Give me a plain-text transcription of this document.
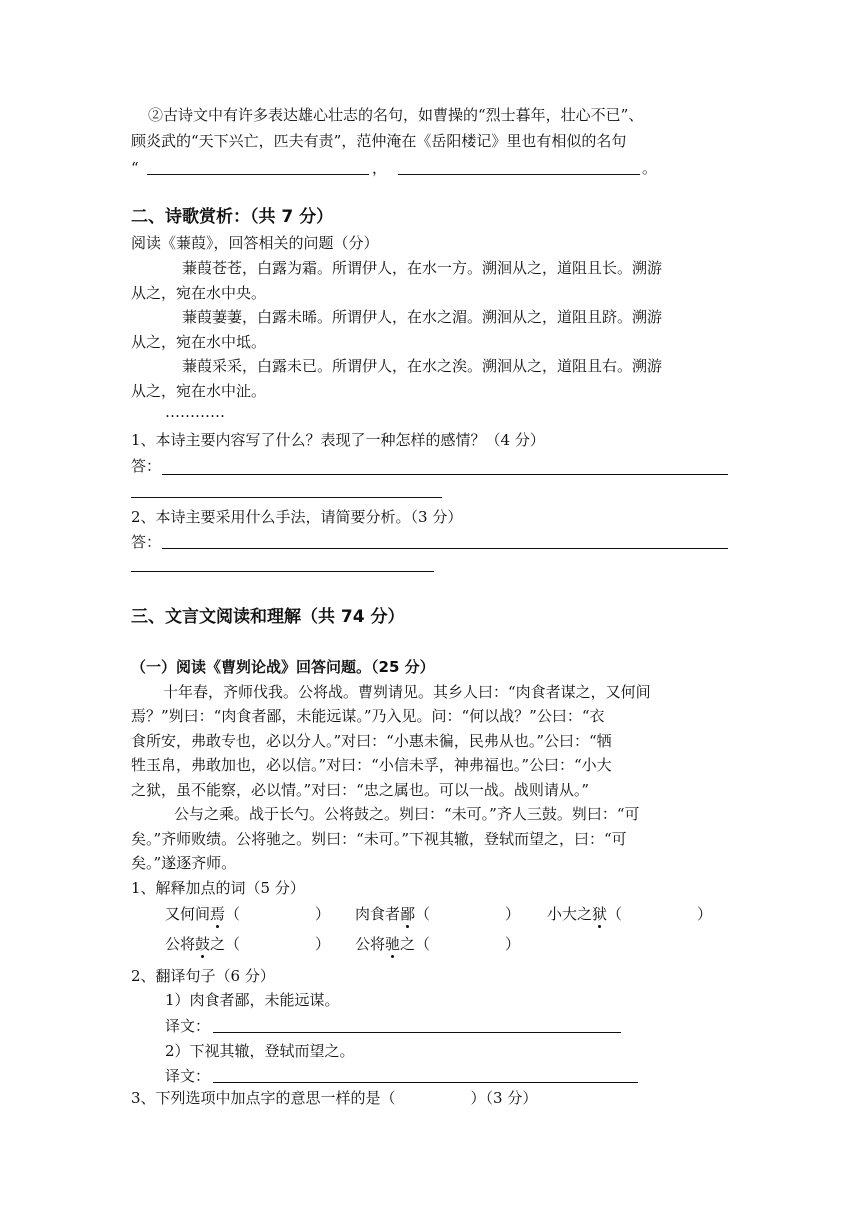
②古诗文中有许多表达雄心壮志的名句，如曹操的“烈士暮年，壮心不已”、
顾炎武的“天下兴亡，匹夫有责”，范仲淹在《岳阳楼记》里也有相似的名句
“	，	。
二、诗歌赏析：（共 7 分）
阅读《蒹葭》，回答相关的问题（分）
蒹葭苍苍，白露为霜。所谓伊人，在水一方。溯洄从之，道阻且长。溯游
从之，宛在水中央。
蒹葭萋萋，白露未晞。所谓伊人，在水之湄。溯洄从之，道阻且跻。溯游
从之，宛在水中坻。
蒹葭采采，白露未已。所谓伊人，在水之涘。溯洄从之，道阻且右。溯游
从之，宛在水中沚。
…………
1、本诗主要内容写了什么？表现了一种怎样的感情？（4 分）
答：
2、本诗主要采用什么手法，请简要分析。（3 分）
答：
三、文言文阅读和理解（共 74 分）
（一）阅读《曹刿论战》回答问题。（25 分）
十年春，齐师伐我。公将战。曹刿请见。其乡人曰：“肉食者谋之，又何间
焉？”刿曰：“肉食者鄙，未能远谋。”乃入见。问：“何以战？”公曰：“衣
食所安，弗敢专也，必以分人。”对曰：“小惠未徧，民弗从也。”公曰：“牺
牲玉帛，弗敢加也，必以信。”对曰：“小信未孚，神弗福也。”公曰：“小大
之狱，虽不能察，必以情。”对曰：“忠之属也。可以一战。战则请从。”
公与之乘。战于长勺。公将鼓之。刿曰：“未可。”齐人三鼓。刿曰：“可
矣。”齐师败绩。公将驰之。刿曰：“未可。”下视其辙，登轼而望之，曰：“可
矣。”遂逐齐师。
1、解释加点的词（5 分）
又何间焉（　　　　　） 肉食者鄙（　　　　　） 小大之狱（　　　　　）
公将鼓之（　　　　　） 公将驰之（　　　　　）
2、翻译句子（6 分）
1）肉食者鄙，未能远谋。
译文：
2）下视其辙，登轼而望之。
译文：
3、下列选项中加点字的意思一样的是（　　　　　）（3 分）
